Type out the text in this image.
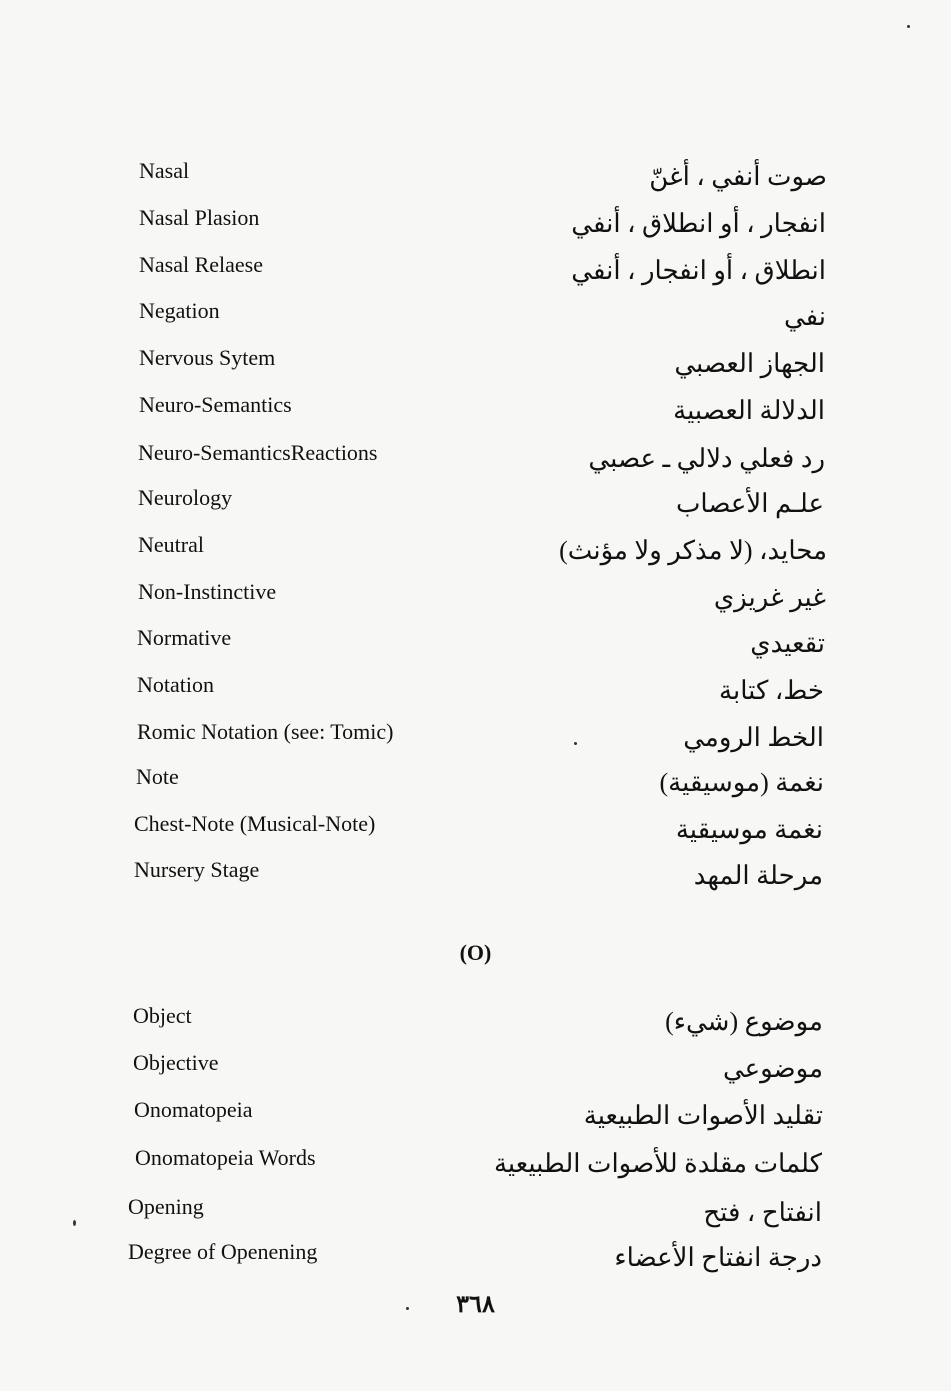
Nasal	صوت أنفي ، أغنّ
Nasal Plasion	انفجار ، أو انطلاق ، أنفي
Nasal Relaese	انطلاق ، أو انفجار ، أنفي
Negation	نفي
Nervous Sytem	الجهاز العصبي
Neuro-Semantics	الدلالة العصبية
Neuro-SemanticsReactions	رد فعلي دلالي ـ عصبي
Neurology	علـم الأعصاب
Neutral	محايد، (لا مذكر ولا مؤنث)
Non-Instinctive	غير غريزي
Normative	تقعيدي
Notation	خط، كتابة
Romic Notation (see: Tomic)	الخط الرومي
Note	نغمة (موسيقية)
Chest-Note (Musical-Note)	نغمة موسيقية
Nursery Stage	مرحلة المهد
(O)
Object	موضوع (شيء)
Objective	موضوعي
Onomatopeia	تقليد الأصوات الطبيعية
Onomatopeia Words	كلمات مقلدة للأصوات الطبيعية
Opening	انفتاح ، فتح
Degree of Openening	درجة انفتاح الأعضاء
٣٦٨
